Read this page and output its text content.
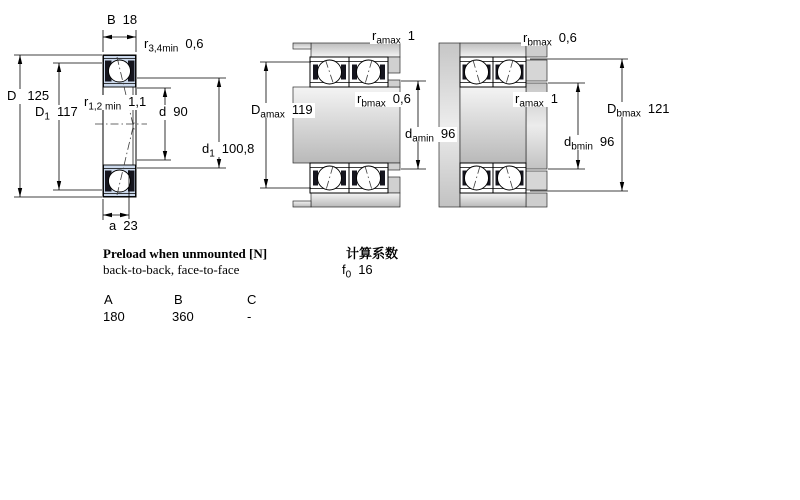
B 18
$r_{3,4min}$ 0,6
D 125
$D_1$ 117
$r_{1,2 min}$ 1,1
d 90
$d_1$ 100,8
a 23
$r_{amax}$ 1
$D_{amax}$ 119
$r_{bmax}$ 0,6
$d_{amin}$ 96
$r_{bmax}$ 0,6
$r_{amax}$ 1
$D_{bmax}$ 121
$d_{bmin}$ 96
Preload when unmounted [N]
back-to-back, face-to-face
计算系数
$f_0$ 16
A	B	C
180	360	-
